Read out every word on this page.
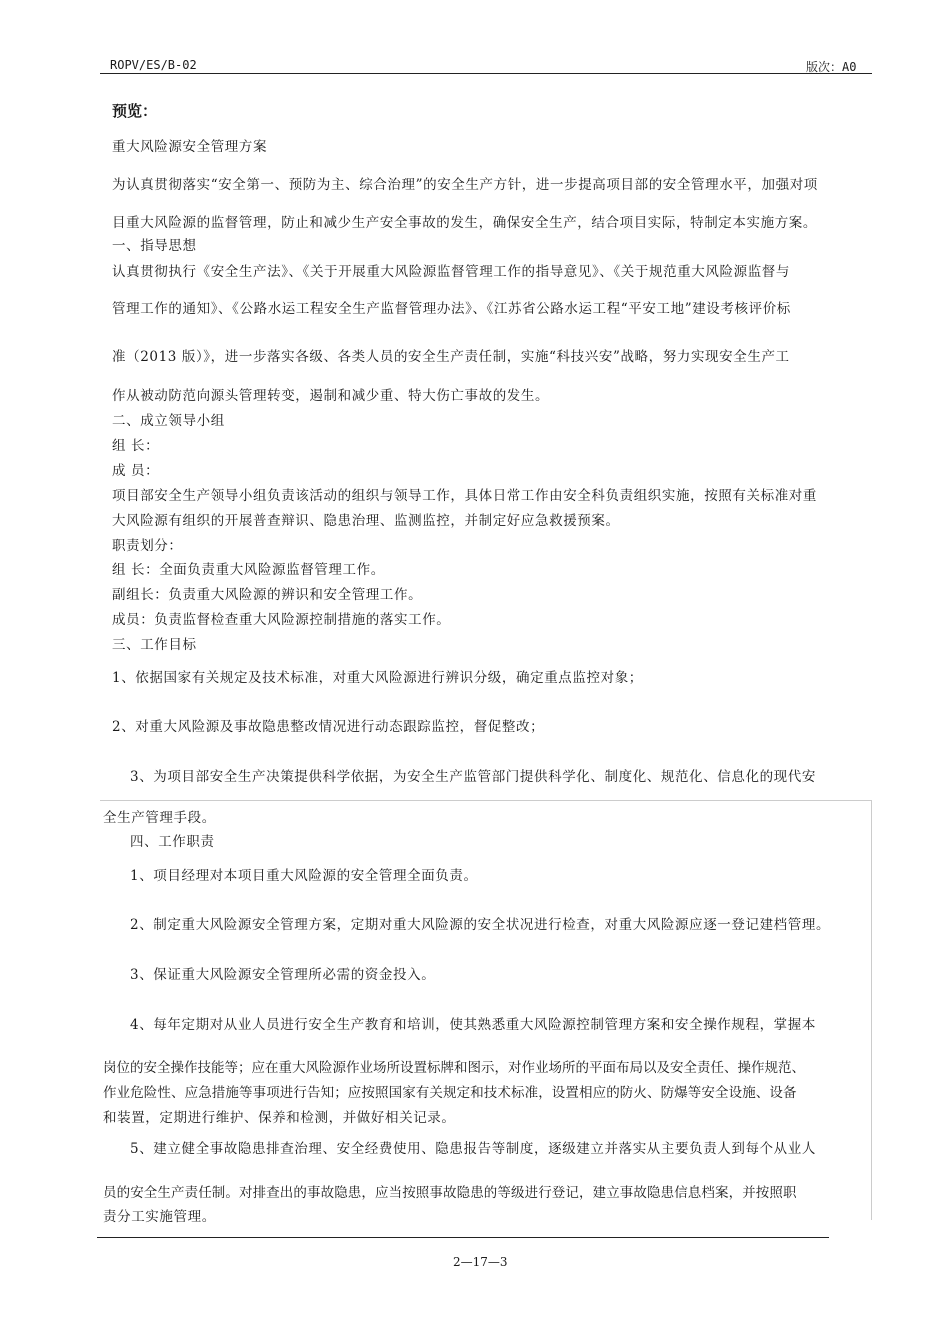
ROPV/ES/B-02	版次：A0
预览：
重大风险源安全管理方案
为认真贯彻落实“安全第一、预防为主、综合治理”的安全生产方针，进一步提高项目部的安全管理水平，加强对项
目重大风险源的监督管理，防止和减少生产安全事故的发生，确保安全生产，结合项目实际，特制定本实施方案。
一、指导思想
认真贯彻执行《安全生产法》、《关于开展重大风险源监督管理工作的指导意见》、《关于规范重大风险源监督与
管理工作的通知》、《公路水运工程安全生产监督管理办法》、《江苏省公路水运工程“平安工地”建设考核评价标
准（2013 版）》，进一步落实各级、各类人员的安全生产责任制，实施“科技兴安”战略，努力实现安全生产工
作从被动防范向源头管理转变，遏制和减少重、特大伤亡事故的发生。
二、成立领导小组
组 长：
成 员：
项目部安全生产领导小组负责该活动的组织与领导工作，具体日常工作由安全科负责组织实施，按照有关标准对重
大风险源有组织的开展普查辩识、隐患治理、监测监控，并制定好应急救援预案。
职责划分：
组 长：全面负责重大风险源监督管理工作。
副组长：负责重大风险源的辨识和安全管理工作。
成员：负责监督检查重大风险源控制措施的落实工作。
三、工作目标
1、依据国家有关规定及技术标准，对重大风险源进行辨识分级，确定重点监控对象；
2、对重大风险源及事故隐患整改情况进行动态跟踪监控，督促整改；
3、为项目部安全生产决策提供科学依据，为安全生产监管部门提供科学化、制度化、规范化、信息化的现代安
全生产管理手段。
四、工作职责
1、项目经理对本项目重大风险源的安全管理全面负责。
2、制定重大风险源安全管理方案，定期对重大风险源的安全状况进行检查，对重大风险源应逐一登记建档管理。
3、保证重大风险源安全管理所必需的资金投入。
4、每年定期对从业人员进行安全生产教育和培训，使其熟悉重大风险源控制管理方案和安全操作规程，掌握本
岗位的安全操作技能等；应在重大风险源作业场所设置标牌和图示，对作业场所的平面布局以及安全责任、操作规范、
作业危险性、应急措施等事项进行告知；应按照国家有关规定和技术标准，设置相应的防火、防爆等安全设施、设备
和装置，定期进行维护、保养和检测，并做好相关记录。
5、建立健全事故隐患排查治理、安全经费使用、隐患报告等制度，逐级建立并落实从主要负责人到每个从业人
员的安全生产责任制。对排查出的事故隐患，应当按照事故隐患的等级进行登记，建立事故隐患信息档案，并按照职
责分工实施管理。
2—17—3
